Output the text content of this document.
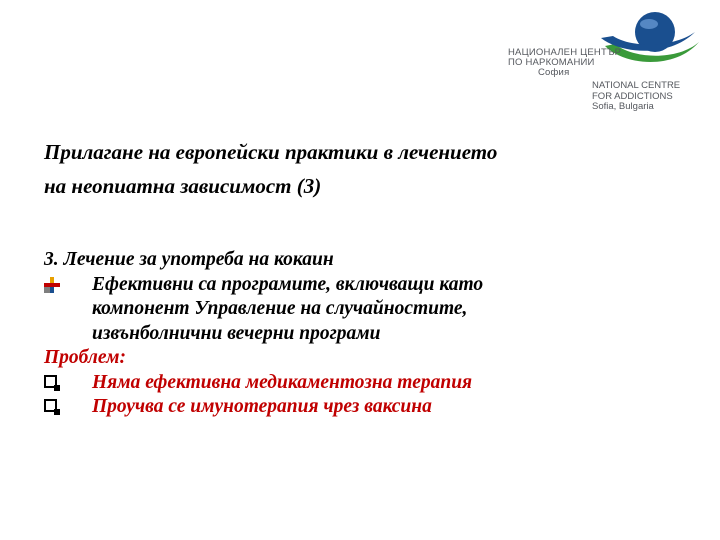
НАЦИОНАЛЕН ЦЕНТЪР
ПО НАРКОМАНИИ
София
NATIONAL CENTRE
FOR ADDICTIONS
Sofia, Bulgaria
Прилагане на европейски практики в лечението
на неопиатна зависимост (3)
3. Лечение за употреба на кокаин
Ефективни са програмите, включващи като
компонент Управление на случайностите,
извънболнични вечерни програми
Проблем:
Няма ефективна медикаментозна терапия
Проучва се имунотерапия чрез ваксина
